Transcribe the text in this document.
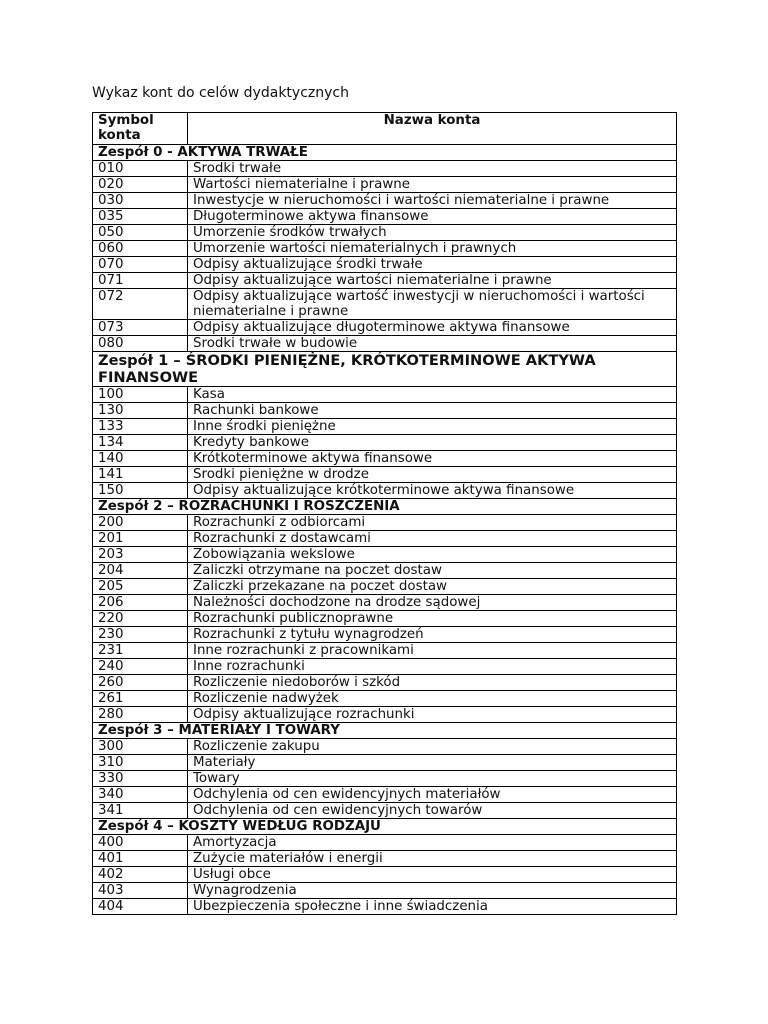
Wykaz kont do celów dydaktycznych
Symbol
konta	Nazwa konta
Zespół 0 - AKTYWA TRWAŁE	
010	Środki trwałe
020	Wartości niematerialne i prawne
030	Inwestycje w nieruchomości i wartości niematerialne i prawne
035	Długoterminowe aktywa finansowe
050	Umorzenie środków trwałych
060	Umorzenie wartości niematerialnych i prawnych
070	Odpisy aktualizujące środki trwałe
071	Odpisy aktualizujące wartości niematerialne i prawne
072	Odpisy aktualizujące wartość inwestycji w nieruchomości i wartości niematerialne i prawne
073	Odpisy aktualizujące długoterminowe aktywa finansowe
080	Środki trwałe w budowie
Zespół 1 – ŚRODKI PIENIĘŻNE, KRÓTKOTERMINOWE AKTYWA FINANSOWE	
100	Kasa
130	Rachunki bankowe
133	Inne środki pieniężne
134	Kredyty bankowe
140	Krótkoterminowe aktywa finansowe
141	Środki pieniężne w drodze
150	Odpisy aktualizujące krótkoterminowe aktywa finansowe
Zespół 2 – ROZRACHUNKI I ROSZCZENIA	
200	Rozrachunki z odbiorcami
201	Rozrachunki z dostawcami
203	Zobowiązania wekslowe
204	Zaliczki otrzymane na poczet dostaw
205	Zaliczki przekazane na poczet dostaw
206	Należności dochodzone na drodze sądowej
220	Rozrachunki publicznoprawne
230	Rozrachunki z tytułu wynagrodzeń
231	Inne rozrachunki z pracownikami
240	Inne rozrachunki
260	Rozliczenie niedoborów i szkód
261	Rozliczenie nadwyżek
280	Odpisy aktualizujące rozrachunki
Zespół 3 – MATERIAŁY I TOWARY	
300	Rozliczenie zakupu
310	Materiały
330	Towary
340	Odchylenia od cen ewidencyjnych materiałów
341	Odchylenia od cen ewidencyjnych towarów
Zespół 4 – KOSZTY WEDŁUG RODZAJU	
400	Amortyzacja
401	Zużycie materiałów i energii
402	Usługi obce
403	Wynagrodzenia
404	Ubezpieczenia społeczne i inne świadczenia
